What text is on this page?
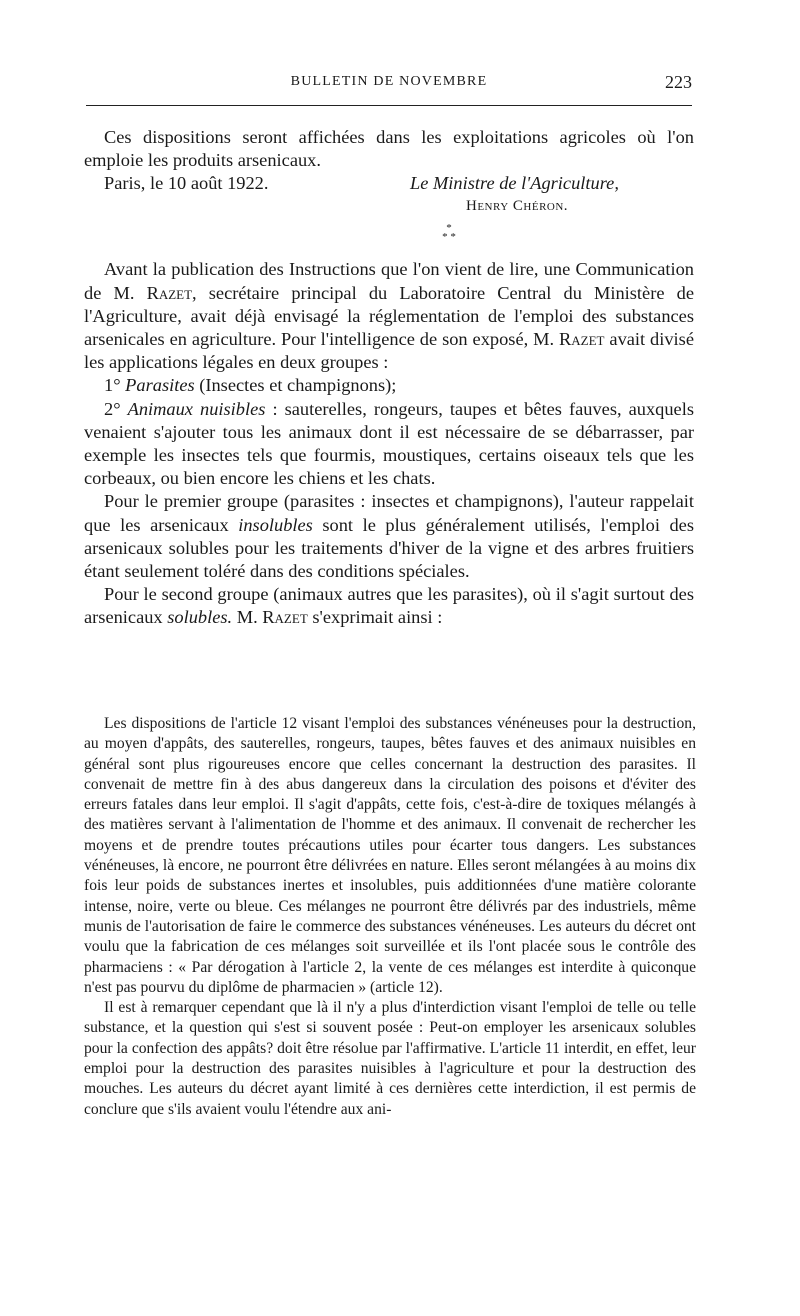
BULLETIN DE NOVEMBRE	223

Ces dispositions seront affichées dans les exploitations agricoles où l'on emploie les produits arsenicaux.

Paris, le 10 août 1922.	Le Ministre de l'Agriculture,
Henry Chéron.
*
* *

Avant la publication des Instructions que l'on vient de lire, une Communication de M. Razet, secrétaire principal du Laboratoire Central du Ministère de l'Agriculture, avait déjà envisagé la réglementation de l'emploi des substances arsenicales en agriculture. Pour l'intelligence de son exposé, M. Razet avait divisé les applications légales en deux groupes :

1° Parasites (Insectes et champignons);

2° Animaux nuisibles : sauterelles, rongeurs, taupes et bêtes fauves, auxquels venaient s'ajouter tous les animaux dont il est nécessaire de se débarrasser, par exemple les insectes tels que fourmis, moustiques, certains oiseaux tels que les corbeaux, ou bien encore les chiens et les chats.

Pour le premier groupe (parasites : insectes et champignons), l'auteur rappelait que les arsenicaux insolubles sont le plus généralement utilisés, l'emploi des arsenicaux solubles pour les traitements d'hiver de la vigne et des arbres fruitiers étant seulement toléré dans des conditions spéciales.

Pour le second groupe (animaux autres que les parasites), où il s'agit surtout des arsenicaux solubles. M. Razet s'exprimait ainsi :

Les dispositions de l'article 12 visant l'emploi des substances vénéneuses pour la destruction, au moyen d'appâts, des sauterelles, rongeurs, taupes, bêtes fauves et des animaux nuisibles en général sont plus rigoureuses encore que celles concernant la destruction des parasites. Il convenait de mettre fin à des abus dangereux dans la circulation des poisons et d'éviter des erreurs fatales dans leur emploi. Il s'agit d'appâts, cette fois, c'est-à-dire de toxiques mélangés à des matières servant à l'alimentation de l'homme et des animaux. Il convenait de rechercher les moyens et de prendre toutes précautions utiles pour écarter tous dangers. Les substances vénéneuses, là encore, ne pourront être délivrées en nature. Elles seront mélangées à au moins dix fois leur poids de substances inertes et insolubles, puis additionnées d'une matière colorante intense, noire, verte ou bleue. Ces mélanges ne pourront être délivrés par des industriels, même munis de l'autorisation de faire le commerce des substances vénéneuses. Les auteurs du décret ont voulu que la fabrication de ces mélanges soit surveillée et ils l'ont placée sous le contrôle des pharmaciens : « Par dérogation à l'article 2, la vente de ces mélanges est interdite à quiconque n'est pas pourvu du diplôme de pharmacien » (article 12).

Il est à remarquer cependant que là il n'y a plus d'interdiction visant l'emploi de telle ou telle substance, et la question qui s'est si souvent posée : Peut-on employer les arsenicaux solubles pour la confection des appâts? doit être résolue par l'affirmative. L'article 11 interdit, en effet, leur emploi pour la destruction des parasites nuisibles à l'agriculture et pour la destruction des mouches. Les auteurs du décret ayant limité à ces dernières cette interdiction, il est permis de conclure que s'ils avaient voulu l'étendre aux ani-
